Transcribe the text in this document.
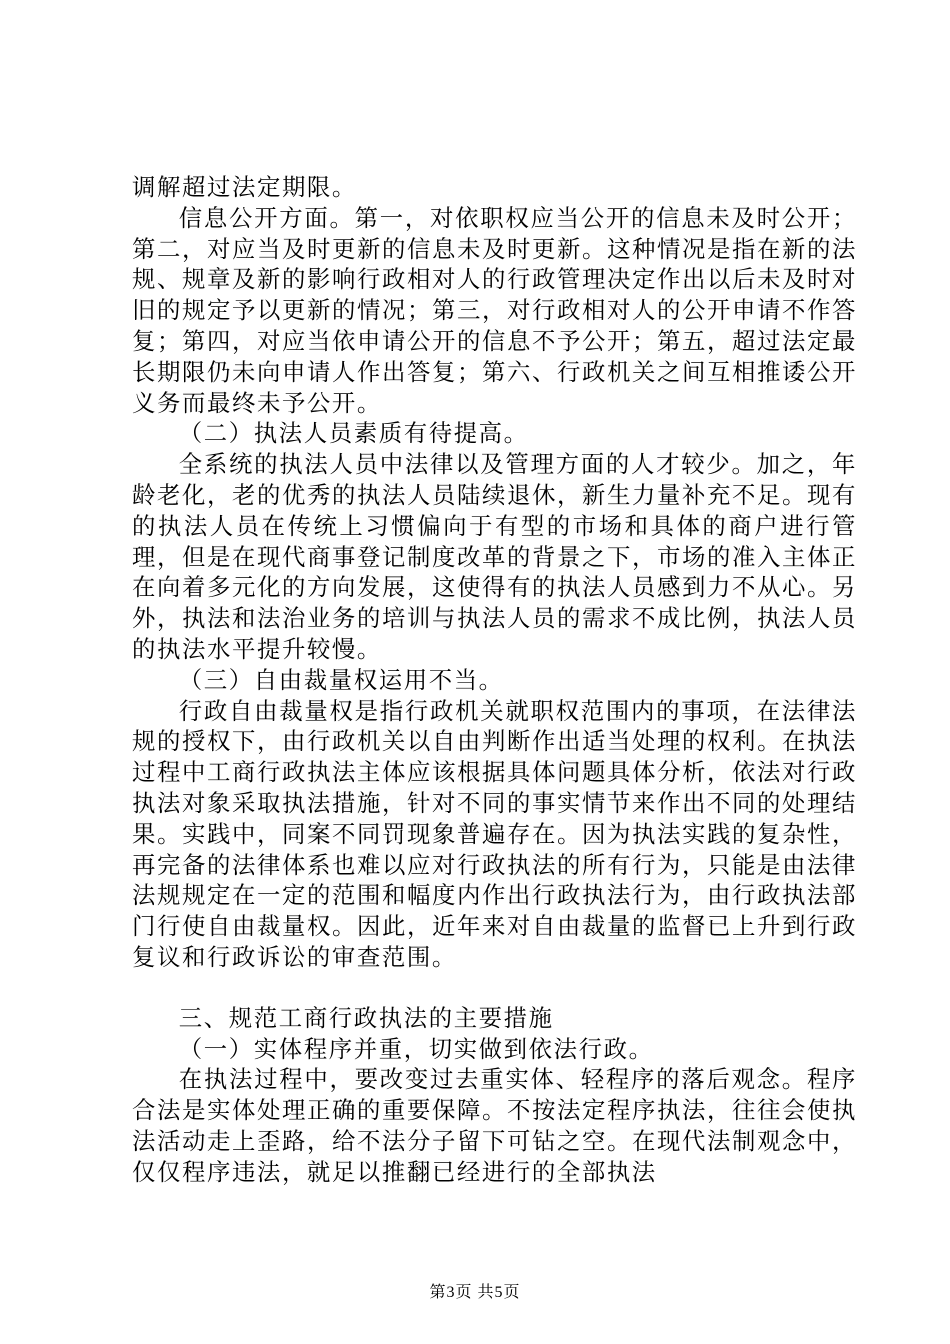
调解超过法定期限。

信息公开方面。第一，对依职权应当公开的信息未及时公开；第二，对应当及时更新的信息未及时更新。这种情况是指在新的法规、规章及新的影响行政相对人的行政管理决定作出以后未及时对旧的规定予以更新的情况；第三，对行政相对人的公开申请不作答复；第四，对应当依申请公开的信息不予公开；第五，超过法定最长期限仍未向申请人作出答复；第六、行政机关之间互相推诿公开义务而最终未予公开。

（二）执法人员素质有待提高。

全系统的执法人员中法律以及管理方面的人才较少。加之，年龄老化，老的优秀的执法人员陆续退休，新生力量补充不足。现有的执法人员在传统上习惯偏向于有型的市场和具体的商户进行管理，但是在现代商事登记制度改革的背景之下，市场的准入主体正在向着多元化的方向发展，这使得有的执法人员感到力不从心。另外，执法和法治业务的培训与执法人员的需求不成比例，执法人员的执法水平提升较慢。

（三）自由裁量权运用不当。

行政自由裁量权是指行政机关就职权范围内的事项，在法律法规的授权下，由行政机关以自由判断作出适当处理的权利。在执法过程中工商行政执法主体应该根据具体问题具体分析，依法对行政执法对象采取执法措施，针对不同的事实情节来作出不同的处理结果。实践中，同案不同罚现象普遍存在。因为执法实践的复杂性，再完备的法律体系也难以应对行政执法的所有行为，只能是由法律法规规定在一定的范围和幅度内作出行政执法行为，由行政执法部门行使自由裁量权。因此，近年来对自由裁量的监督已上升到行政复议和行政诉讼的审查范围。

三、规范工商行政执法的主要措施

（一）实体程序并重，切实做到依法行政。

在执法过程中，要改变过去重实体、轻程序的落后观念。程序合法是实体处理正确的重要保障。不按法定程序执法，往往会使执法活动走上歪路，给不法分子留下可钻之空。在现代法制观念中，仅仅程序违法，就足以推翻已经进行的全部执法

第3页 共5页
